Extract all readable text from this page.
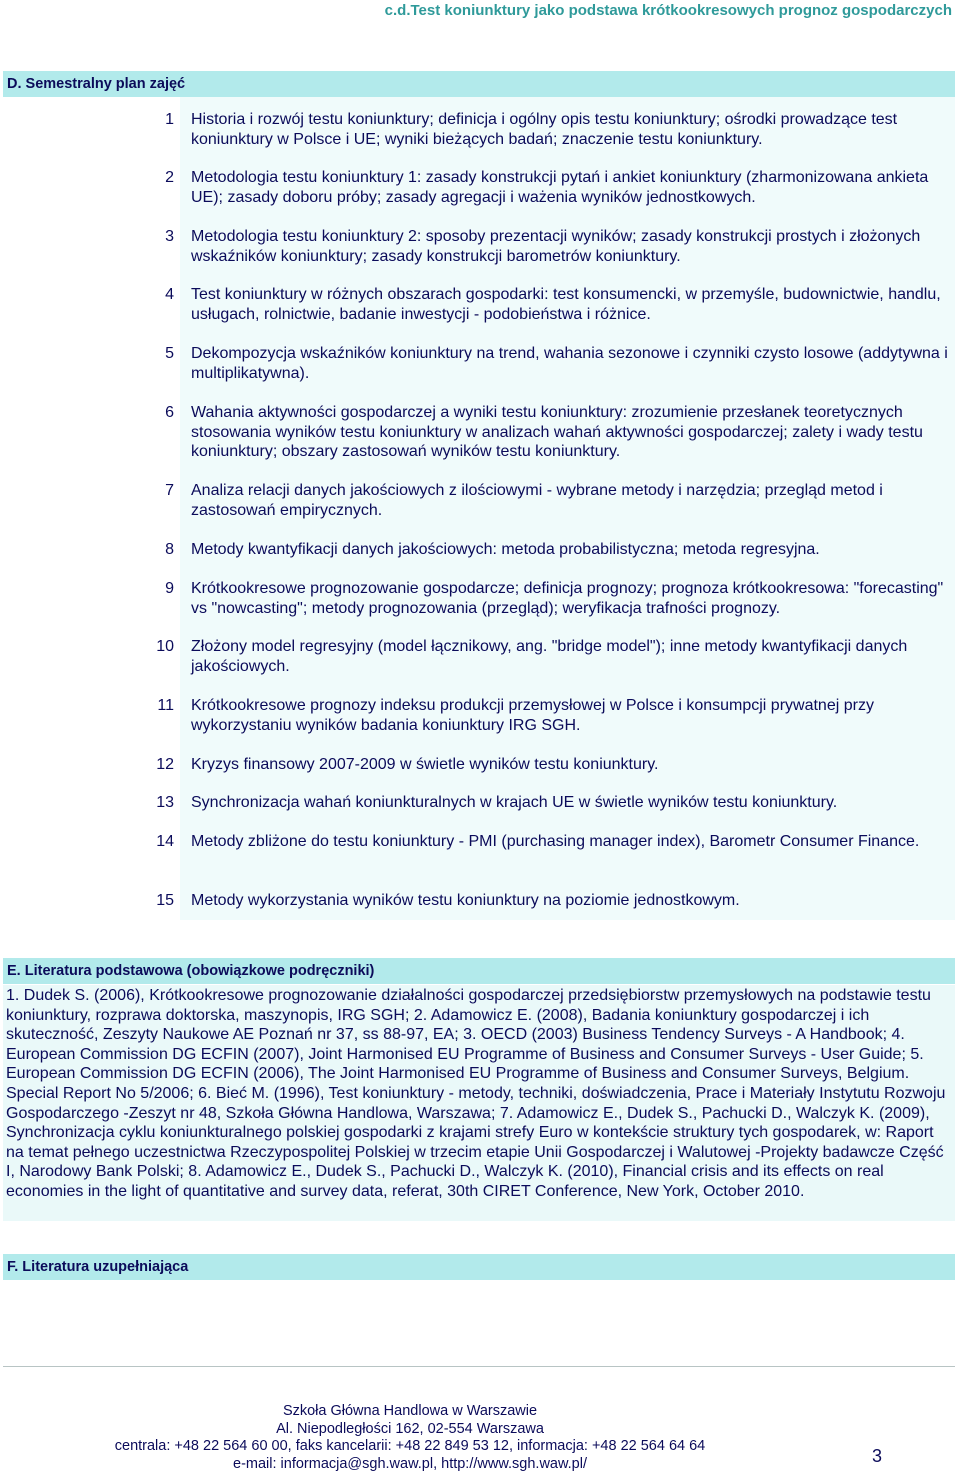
c.d.Test koniunktury jako podstawa krótkookresowych prognoz gospodarczych
D. Semestralny plan zajęć
1 Historia i rozwój testu koniunktury; definicja i ogólny opis testu koniunktury; ośrodki prowadzące test koniunktury w Polsce i UE; wyniki bieżących badań; znaczenie testu koniunktury.
2 Metodologia testu koniunktury 1: zasady konstrukcji pytań i ankiet koniunktury (zharmonizowana ankieta UE); zasady doboru próby; zasady agregacji i ważenia wyników jednostkowych.
3 Metodologia testu koniunktury 2: sposoby prezentacji wyników; zasady konstrukcji prostych i złożonych wskaźników koniunktury; zasady konstrukcji barometrów koniunktury.
4 Test koniunktury w różnych obszarach gospodarki: test konsumencki, w przemyśle, budownictwie, handlu, usługach, rolnictwie, badanie inwestycji - podobieństwa i różnice.
5 Dekompozycja wskaźników koniunktury na trend, wahania sezonowe i czynniki czysto losowe (addytywna i multiplikatywna).
6 Wahania aktywności gospodarczej a wyniki testu koniunktury: zrozumienie przesłanek teoretycznych stosowania wyników testu koniunktury w analizach wahań aktywności gospodarczej; zalety i wady testu koniunktury; obszary zastosowań wyników testu koniunktury.
7 Analiza relacji danych jakościowych z ilościowymi - wybrane metody i narzędzia; przegląd metod i zastosowań empirycznych.
8 Metody kwantyfikacji danych jakościowych: metoda probabilistyczna; metoda regresyjna.
9 Krótkookresowe prognozowanie gospodarcze; definicja prognozy; prognoza krótkookresowa: "forecasting" vs "nowcasting"; metody prognozowania (przegląd); weryfikacja trafności prognozy.
10 Złożony model regresyjny (model łącznikowy, ang. "bridge model"); inne metody kwantyfikacji danych jakościowych.
11 Krótkookresowe prognozy indeksu produkcji przemysłowej w Polsce i konsumpcji prywatnej przy wykorzystaniu wyników badania koniunktury IRG SGH.
12 Kryzys finansowy 2007-2009 w świetle wyników testu koniunktury.
13 Synchronizacja wahań koniunkturalnych w krajach UE w świetle wyników testu koniunktury.
14 Metody zbliżone do testu koniunktury - PMI (purchasing manager index), Barometr Consumer Finance.
15 Metody wykorzystania wyników testu koniunktury na poziomie jednostkowym.
E. Literatura podstawowa (obowiązkowe podręczniki)
1. Dudek S. (2006), Krótkookresowe prognozowanie działalności gospodarczej przedsiębiorstw przemysłowych na podstawie testu koniunktury, rozprawa doktorska, maszynopis, IRG SGH; 2. Adamowicz E. (2008), Badania koniunktury gospodarczej i ich skuteczność, Zeszyty Naukowe AE Poznań nr 37, ss 88-97, EA; 3. OECD (2003) Business Tendency Surveys - A Handbook; 4. European Commission DG ECFIN (2007), Joint Harmonised EU Programme of Business and Consumer Surveys - User Guide; 5. European Commission DG ECFIN (2006), The Joint Harmonised EU Programme of Business and Consumer Surveys, Belgium. Special Report No 5/2006; 6. Bieć M. (1996), Test koniunktury - metody, techniki, doświadczenia, Prace i Materiały Instytutu Rozwoju Gospodarczego -Zeszyt nr 48, Szkoła Główna Handlowa, Warszawa; 7. Adamowicz E., Dudek S., Pachucki D., Walczyk K. (2009), Synchronizacja cyklu koniunkturalnego polskiej gospodarki z krajami strefy Euro w kontekście struktury tych gospodarek, w: Raport na temat pełnego uczestnictwa Rzeczypospolitej Polskiej w trzecim etapie Unii Gospodarczej i Walutowej -Projekty badawcze Część I, Narodowy Bank Polski; 8. Adamowicz E., Dudek S., Pachucki D., Walczyk K. (2010), Financial crisis and its effects on real economies in the light of quantitative and survey data, referat, 30th CIRET Conference, New York, October 2010.
F. Literatura uzupełniająca
Szkoła Główna Handlowa w Warszawie
Al. Niepodległości 162, 02-554 Warszawa
centrala: +48 22 564 60 00, faks kancelarii: +48 22 849 53 12, informacja: +48 22 564 64 64
e-mail: informacja@sgh.waw.pl, http://www.sgh.waw.pl/	3
